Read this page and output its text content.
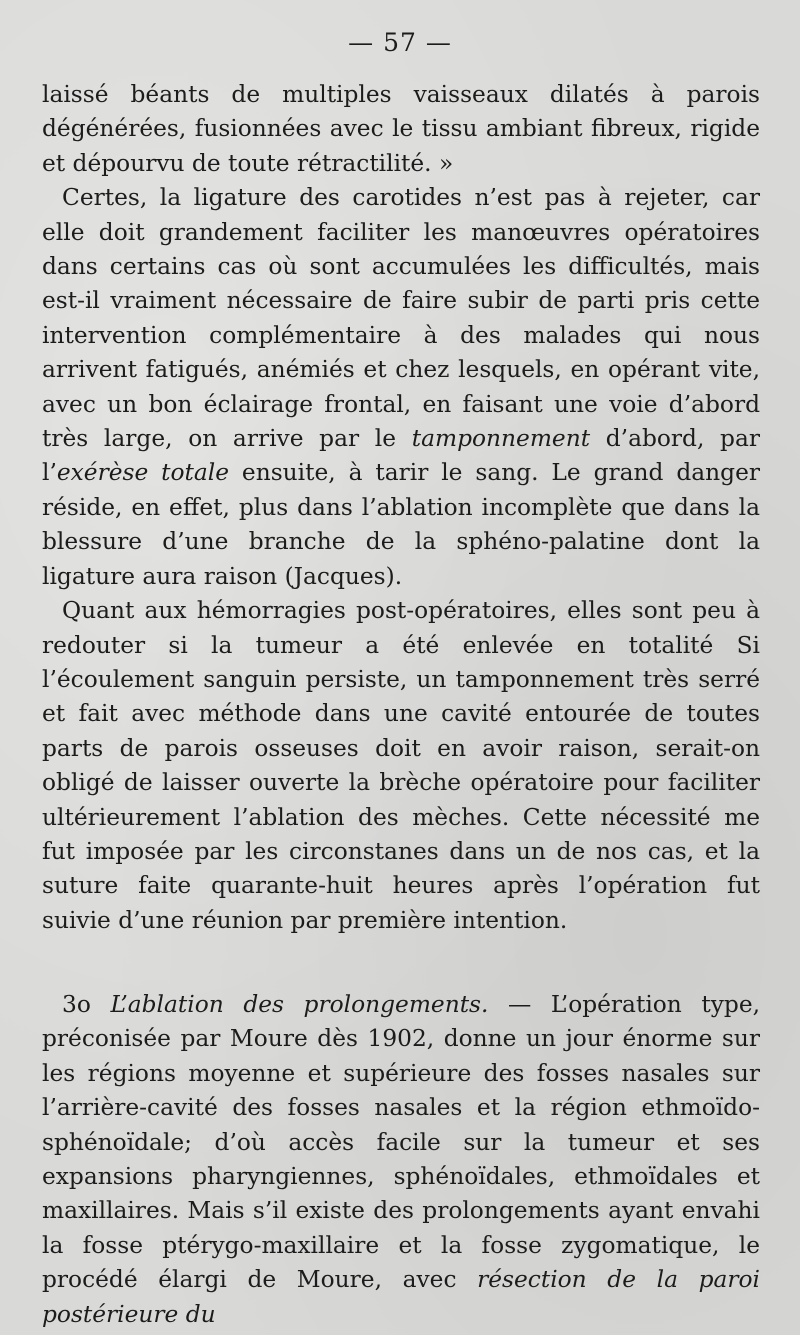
— 57 —

laissé béants de multiples vaisseaux dilatés à parois dégénérées, fusionnées avec le tissu ambiant fibreux, rigide et dépourvu de toute rétractilité. »

Certes, la ligature des carotides n’est pas à rejeter, car elle doit grandement faciliter les manœuvres opératoires dans certains cas où sont accumulées les difficultés, mais est-il vraiment nécessaire de faire subir de parti pris cette intervention complémentaire à des malades qui nous arrivent fatigués, anémiés et chez lesquels, en opérant vite, avec un bon éclairage frontal, en faisant une voie d’abord très large, on arrive par le tamponnement d’abord, par l’exérèse totale ensuite, à tarir le sang. Le grand danger réside, en effet, plus dans l’ablation incomplète que dans la blessure d’une branche de la sphéno-palatine dont la ligature aura raison (Jacques).

Quant aux hémorragies post-opératoires, elles sont peu à redouter si la tumeur a été enlevée en totalité Si l’écoulement sanguin persiste, un tamponnement très serré et fait avec méthode dans une cavité entourée de toutes parts de parois osseuses doit en avoir raison, serait-on obligé de laisser ouverte la brèche opératoire pour faciliter ultérieurement l’ablation des mèches. Cette nécessité me fut imposée par les circonstanes dans un de nos cas, et la suture faite quarante-huit heures après l’opération fut suivie d’une réunion par première intention.

3o L’ablation des prolongements. — L’opération type, préconisée par Moure dès 1902, donne un jour énorme sur les régions moyenne et supérieure des fosses nasales sur l’arrière-cavité des fosses nasales et la région ethmoïdo-sphénoïdale; d’où accès facile sur la tumeur et ses expansions pharyngiennes, sphénoïdales, ethmoïdales et maxillaires. Mais s’il existe des prolongements ayant envahi la fosse ptérygo-maxillaire et la fosse zygomatique, le procédé élargi de Moure, avec résection de la paroi postérieure du
